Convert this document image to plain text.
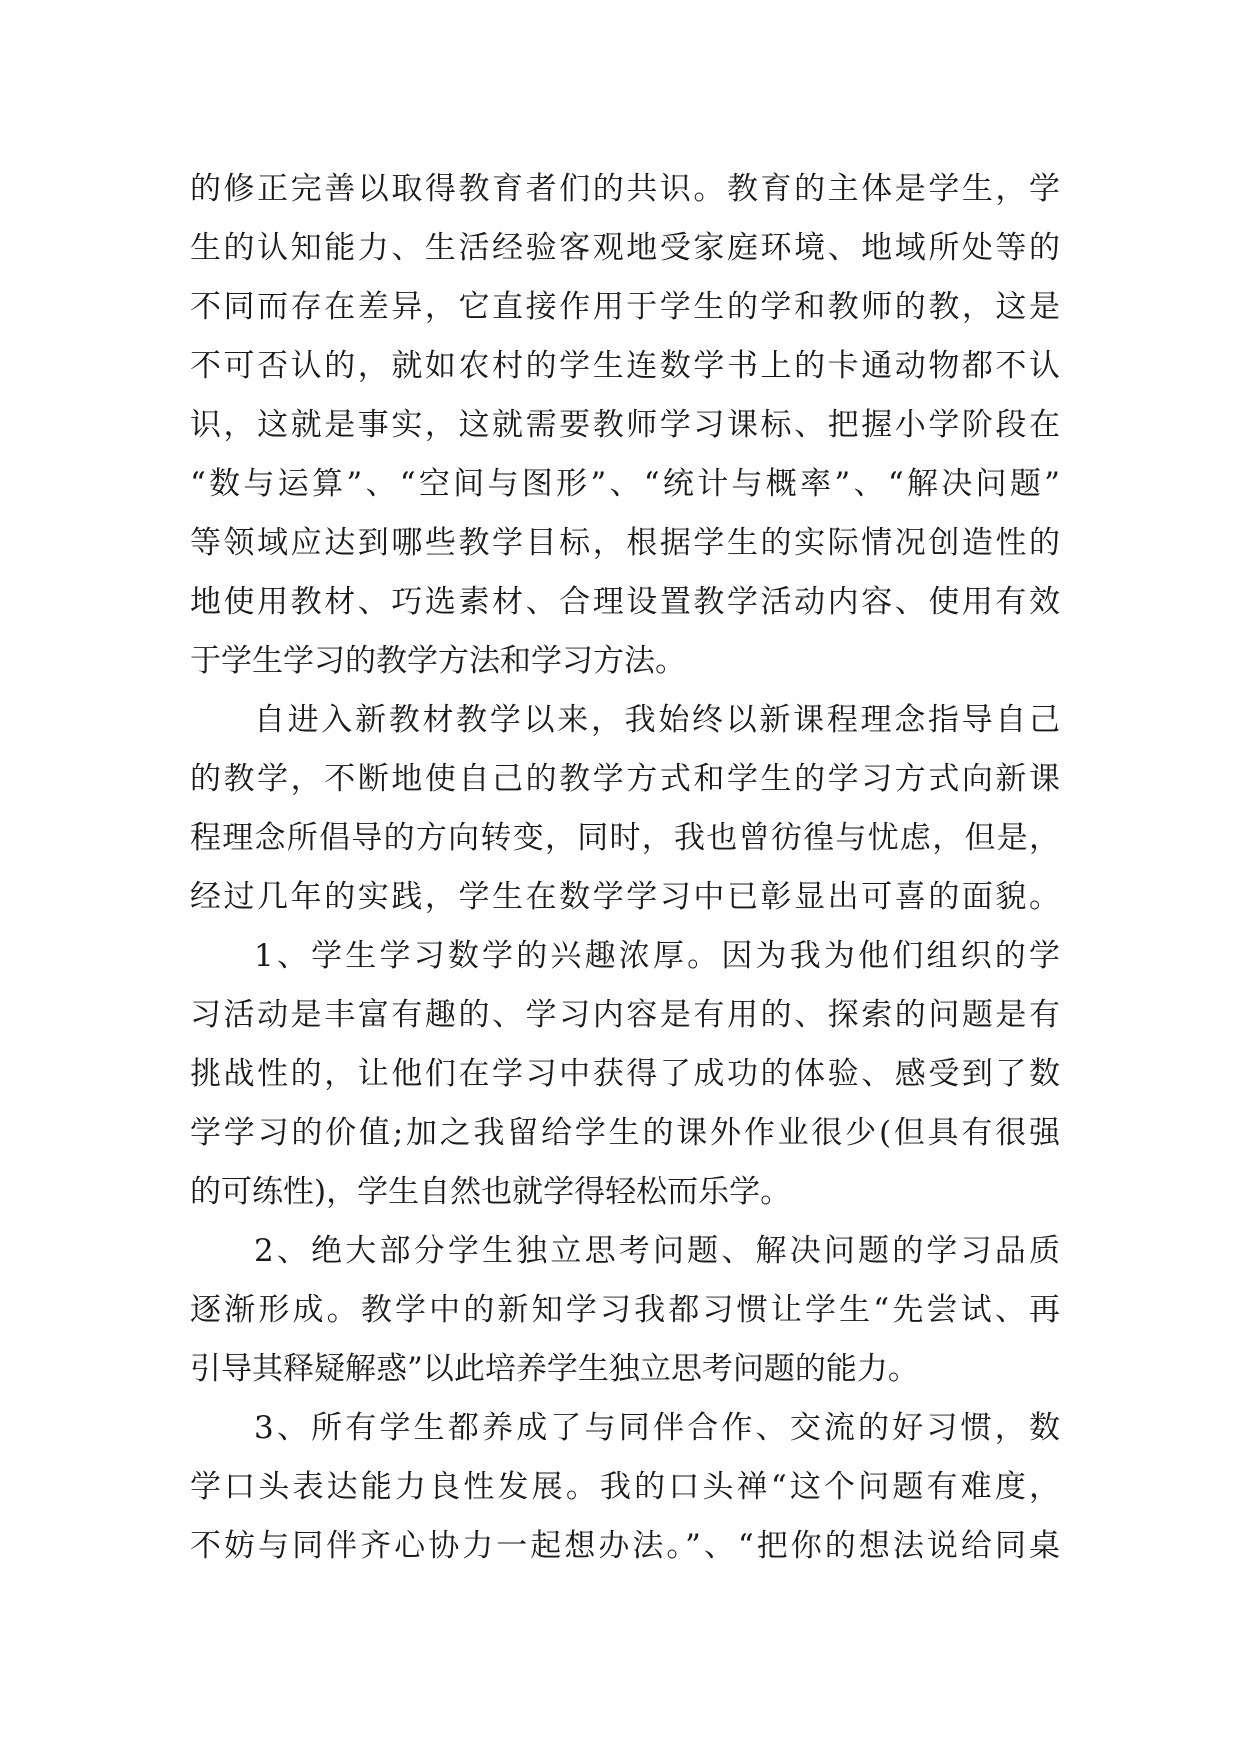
的修正完善以取得教育者们的共识。教育的主体是学生，学
生的认知能力、生活经验客观地受家庭环境、地域所处等的
不同而存在差异，它直接作用于学生的学和教师的教，这是
不可否认的，就如农村的学生连数学书上的卡通动物都不认
识，这就是事实，这就需要教师学习课标、把握小学阶段在
“数与运算”、“空间与图形”、“统计与概率”、“解决问题”
等领域应达到哪些教学目标，根据学生的实际情况创造性的
地使用教材、巧选素材、合理设置教学活动内容、使用有效
于学生学习的教学方法和学习方法。
自进入新教材教学以来，我始终以新课程理念指导自己
的教学，不断地使自己的教学方式和学生的学习方式向新课
程理念所倡导的方向转变，同时，我也曾彷徨与忧虑，但是，
经过几年的实践，学生在数学学习中已彰显出可喜的面貌。
1、学生学习数学的兴趣浓厚。因为我为他们组织的学
习活动是丰富有趣的、学习内容是有用的、探索的问题是有
挑战性的，让他们在学习中获得了成功的体验、感受到了数
学学习的价值;加之我留给学生的课外作业很少(但具有很强
的可练性)，学生自然也就学得轻松而乐学。
2、绝大部分学生独立思考问题、解决问题的学习品质
逐渐形成。教学中的新知学习我都习惯让学生“先尝试、再
引导其释疑解惑”以此培养学生独立思考问题的能力。
3、所有学生都养成了与同伴合作、交流的好习惯，数
学口头表达能力良性发展。我的口头禅“这个问题有难度，
不妨与同伴齐心协力一起想办法。”、“把你的想法说给同桌
